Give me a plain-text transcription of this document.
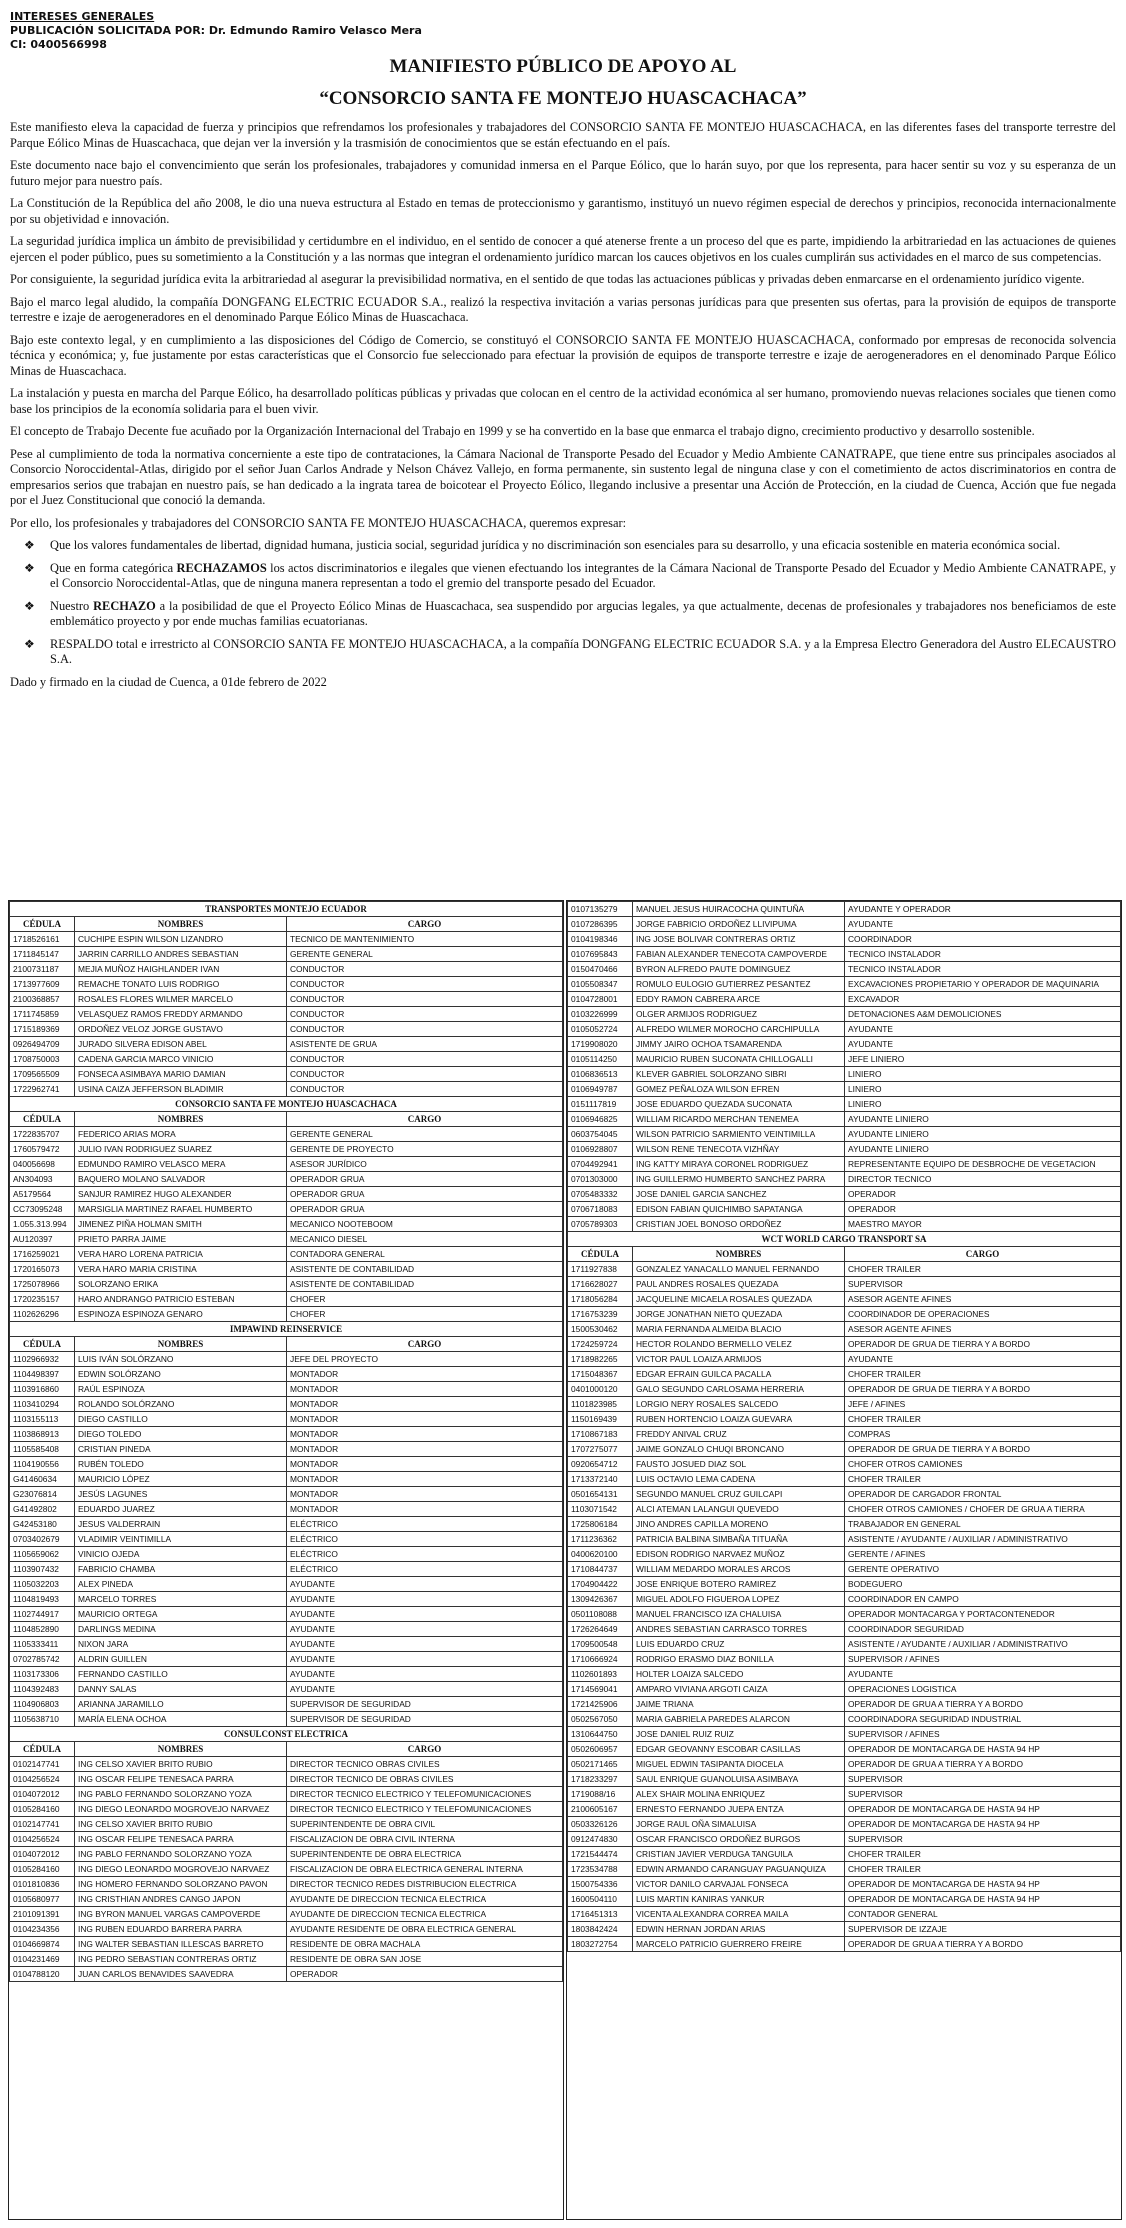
INTERESES GENERALES
PUBLICACIÓN SOLICITADA POR: Dr. Edmundo Ramiro Velasco Mera
CI: 0400566998
MANIFIESTO PÚBLICO DE APOYO AL
“CONSORCIO SANTA FE MONTEJO HUASCACHACA”

Este manifiesto eleva la capacidad de fuerza y principios que refrendamos los profesionales y trabajadores del CONSORCIO SANTA FE MONTEJO HUASCACHACA, en las diferentes fases del transporte terrestre del Parque Eólico Minas de Huascachaca, que dejan ver la inversión y la trasmisión de conocimientos que se están efectuando en el país.

Este documento nace bajo el convencimiento que serán los profesionales, trabajadores y comunidad inmersa en el Parque Eólico, que lo harán suyo, por que los representa, para hacer sentir su voz y su esperanza de un futuro mejor para nuestro país.

La Constitución de la República del año 2008, le dio una nueva estructura al Estado en temas de proteccionismo y garantismo, instituyó un nuevo régimen especial de derechos y principios, reconocida internacionalmente por su objetividad e innovación.

La seguridad jurídica implica un ámbito de previsibilidad y certidumbre en el individuo, en el sentido de conocer a qué atenerse frente a un proceso del que es parte, impidiendo la arbitrariedad en las actuaciones de quienes ejercen el poder público, pues su sometimiento a la Constitución y a las normas que integran el ordenamiento jurídico marcan los cauces objetivos en los cuales cumplirán sus actividades en el marco de sus competencias.

Por consiguiente, la seguridad jurídica evita la arbitrariedad al asegurar la previsibilidad normativa, en el sentido de que todas las actuaciones públicas y privadas deben enmarcarse en el ordenamiento jurídico vigente.

Bajo el marco legal aludido, la compañía DONGFANG ELECTRIC ECUADOR S.A., realizó la respectiva invitación a varias personas jurídicas para que presenten sus ofertas, para la provisión de equipos de transporte terrestre e izaje de aerogeneradores en el denominado Parque Eólico Minas de Huascachaca.

Bajo este contexto legal, y en cumplimiento a las disposiciones del Código de Comercio, se constituyó el CONSORCIO SANTA FE MONTEJO HUASCACHACA, conformado por empresas de reconocida solvencia técnica y económica; y, fue justamente por estas características que el Consorcio fue seleccionado para efectuar la provisión de equipos de transporte terrestre e izaje de aerogeneradores en el denominado Parque Eólico Minas de Huascachaca.

La instalación y puesta en marcha del Parque Eólico, ha desarrollado políticas públicas y privadas que colocan en el centro de la actividad económica al ser humano, promoviendo nuevas relaciones sociales que tienen como base los principios de la economía solidaria para el buen vivir.

El concepto de Trabajo Decente fue acuñado por la Organización Internacional del Trabajo en 1999 y se ha convertido en la base que enmarca el trabajo digno, crecimiento productivo y desarrollo sostenible.

Pese al cumplimiento de toda la normativa concerniente a este tipo de contrataciones, la Cámara Nacional de Transporte Pesado del Ecuador y Medio Ambiente CANATRAPE, que tiene entre sus principales asociados al Consorcio Noroccidental-Atlas, dirigido por el señor Juan Carlos Andrade y Nelson Chávez Vallejo, en forma permanente, sin sustento legal de ninguna clase y con el cometimiento de actos discriminatorios en contra de empresarios serios que trabajan en nuestro país, se han dedicado a la ingrata tarea de boicotear el Proyecto Eólico, llegando inclusive a presentar una Acción de Protección, en la ciudad de Cuenca, Acción que fue negada por el Juez Constitucional que conoció la demanda.

Por ello, los profesionales y trabajadores del CONSORCIO SANTA FE MONTEJO HUASCACHACA, queremos expresar:

❖ Que los valores fundamentales de libertad, dignidad humana, justicia social, seguridad jurídica y no discriminación son esenciales para su desarrollo, y una eficacia sostenible en materia económica social.

❖ Que en forma categórica RECHAZAMOS los actos discriminatorios e ilegales que vienen efectuando los integrantes de la Cámara Nacional de Transporte Pesado del Ecuador y Medio Ambiente CANATRAPE, y el Consorcio Noroccidental-Atlas, que de ninguna manera representan a todo el gremio del transporte pesado del Ecuador.

❖ Nuestro RECHAZO a la posibilidad de que el Proyecto Eólico Minas de Huascachaca, sea suspendido por argucias legales, ya que actualmente, decenas de profesionales y trabajadores nos beneficiamos de este emblemático proyecto y por ende muchas familias ecuatorianas.

❖ RESPALDO total e irrestricto al CONSORCIO SANTA FE MONTEJO HUASCACHACA, a la compañía DONGFANG ELECTRIC ECUADOR S.A. y a la Empresa Electro Generadora del Austro ELECAUSTRO S.A.

Dado y firmado en la ciudad de Cuenca, a 01de febrero de 2022

TRANSPORTES MONTEJO ECUADOR		
CÉDULA	NOMBRES	CARGO
1718526161	CUCHIPE ESPIN WILSON LIZANDRO	TECNICO DE MANTENIMIENTO
1711845147	JARRIN CARRILLO ANDRES SEBASTIAN	GERENTE GENERAL
2100731187	MEJIA MUÑOZ HAIGHLANDER IVAN	CONDUCTOR
1713977609	REMACHE TONATO LUIS RODRIGO	CONDUCTOR
2100368857	ROSALES FLORES WILMER MARCELO	CONDUCTOR
1711745859	VELASQUEZ RAMOS FREDDY ARMANDO	CONDUCTOR
1715189369	ORDOÑEZ VELOZ JORGE GUSTAVO	CONDUCTOR
0926494709	JURADO SILVERA EDISON ABEL	ASISTENTE DE GRUA
1708750003	CADENA GARCIA MARCO VINICIO	CONDUCTOR
1709565509	FONSECA ASIMBAYA MARIO DAMIAN	CONDUCTOR
1722962741	USINA CAIZA JEFFERSON BLADIMIR	CONDUCTOR
CONSORCIO SANTA FE MONTEJO HUASCACHACA		
CÉDULA	NOMBRES	CARGO
1722835707	FEDERICO ARIAS MORA	GERENTE GENERAL
1760579472	JULIO IVAN RODRIGUEZ SUAREZ	GERENTE DE PROYECTO
040056698	EDMUNDO RAMIRO VELASCO MERA	ASESOR JURÍDICO
AN304093	BAQUERO MOLANO SALVADOR	OPERADOR GRUA
A5179564	SANJUR RAMIREZ HUGO ALEXANDER	OPERADOR GRUA
CC73095248	MARSIGLIA MARTINEZ RAFAEL HUMBERTO	OPERADOR GRUA
1.055.313.994	JIMENEZ PIÑA HOLMAN SMITH	MECANICO NOOTEBOOM
AU120397	PRIETO PARRA JAIME	MECANICO DIESEL
1716259021	VERA HARO LORENA PATRICIA	CONTADORA GENERAL
1720165073	VERA HARO MARIA CRISTINA	ASISTENTE DE CONTABILIDAD
1725078966	SOLORZANO ERIKA	ASISTENTE DE CONTABILIDAD
1720235157	HARO ANDRANGO PATRICIO ESTEBAN	CHOFER
1102626296	ESPINOZA ESPINOZA GENARO	CHOFER
IMPAWIND REINSERVICE		
CÉDULA	NOMBRES	CARGO
1102966932	LUIS IVÁN SOLÓRZANO	JEFE DEL PROYECTO
1104498397	EDWIN SOLÓRZANO	MONTADOR
1103916860	RAÚL ESPINOZA	MONTADOR
1103410294	ROLANDO SOLÓRZANO	MONTADOR
1103155113	DIEGO CASTILLO	MONTADOR
1103868913	DIEGO TOLEDO	MONTADOR
1105585408	CRISTIAN PINEDA	MONTADOR
1104190556	RUBÉN TOLEDO	MONTADOR
G41460634	MAURICIO LÓPEZ	MONTADOR
G23076814	JESÚS LAGUNES	MONTADOR
G41492802	EDUARDO JUAREZ	MONTADOR
G42453180	JESUS VALDERRAIN	ELÉCTRICO
0703402679	VLADIMIR VEINTIMILLA	ELÉCTRICO
1105659062	VINICIO OJEDA	ELÉCTRICO
1103907432	FABRICIO CHAMBA	ELÉCTRICO
1105032203	ALEX PINEDA	AYUDANTE
1104819493	MARCELO TORRES	AYUDANTE
1102744917	MAURICIO ORTEGA	AYUDANTE
1104852890	DARLINGS MEDINA	AYUDANTE
1105333411	NIXON JARA	AYUDANTE
0702785742	ALDRIN GUILLEN	AYUDANTE
1103173306	FERNANDO CASTILLO	AYUDANTE
1104392483	DANNY SALAS	AYUDANTE
1104906803	ARIANNA JARAMILLO	SUPERVISOR DE SEGURIDAD
1105638710	MARÍA ELENA OCHOA	SUPERVISOR DE SEGURIDAD
CONSULCONST ELECTRICA		
CÉDULA	NOMBRES	CARGO
0102147741	ING CELSO XAVIER BRITO RUBIO	DIRECTOR TECNICO OBRAS CIVILES
0104256524	ING OSCAR FELIPE TENESACA PARRA	DIRECTOR TECNICO DE OBRAS CIVILES
0104072012	ING PABLO FERNANDO SOLORZANO YOZA	DIRECTOR TECNICO ELECTRICO Y TELEFOMUNICACIONES
0105284160	ING DIEGO LEONARDO MOGROVEJO NARVAEZ	DIRECTOR TECNICO ELECTRICO Y TELEFOMUNICACIONES
0102147741	ING CELSO XAVIER BRITO RUBIO	SUPERINTENDENTE DE OBRA CIVIL
0104256524	ING OSCAR FELIPE TENESACA PARRA	FISCALIZACION DE OBRA CIVIL INTERNA
0104072012	ING PABLO FERNANDO SOLORZANO YOZA	SUPERINTENDENTE DE OBRA ELECTRICA
0105284160	ING DIEGO LEONARDO MOGROVEJO NARVAEZ	FISCALIZACION DE OBRA ELECTRICA GENERAL INTERNA
0101810836	ING HOMERO FERNANDO SOLORZANO PAVON	DIRECTOR TECNICO REDES DISTRIBUCION ELECTRICA
0105680977	ING CRISTHIAN ANDRES CANGO JAPON	AYUDANTE DE DIRECCION TECNICA ELECTRICA
2101091391	ING BYRON MANUEL VARGAS CAMPOVERDE	AYUDANTE DE DIRECCION TECNICA ELECTRICA
0104234356	ING RUBEN EDUARDO BARRERA PARRA	AYUDANTE RESIDENTE DE OBRA ELECTRICA GENERAL
0104669874	ING WALTER SEBASTIAN ILLESCAS BARRETO	RESIDENTE DE OBRA MACHALA
0104231469	ING PEDRO SEBASTIAN CONTRERAS ORTIZ	RESIDENTE DE OBRA SAN JOSE
0104788120	JUAN CARLOS BENAVIDES SAAVEDRA	OPERADOR
0107135279	MANUEL JESUS HUIRACOCHA QUINTUÑA	AYUDANTE Y OPERADOR
0107286395	JORGE FABRICIO ORDOÑEZ LLIVIPUMA	AYUDANTE
0104198346	ING JOSE BOLIVAR CONTRERAS ORTIZ	COORDINADOR
0107695843	FABIAN ALEXANDER TENECOTA CAMPOVERDE	TECNICO INSTALADOR
0150470466	BYRON ALFREDO PAUTE DOMINGUEZ	TECNICO INSTALADOR
0105508347	ROMULO EULOGIO GUTIERREZ PESANTEZ	EXCAVACIONES PROPIETARIO Y OPERADOR DE MAQUINARIA
0104728001	EDDY RAMON CABRERA ARCE	EXCAVADOR
0103226999	OLGER ARMIJOS RODRIGUEZ	DETONACIONES A&M DEMOLICIONES
0105052724	ALFREDO WILMER MOROCHO CARCHIPULLA	AYUDANTE
1719908020	JIMMY JAIRO OCHOA TSAMARENDA	AYUDANTE
0105114250	MAURICIO RUBEN SUCONATA CHILLOGALLI	JEFE LINIERO
0106836513	KLEVER GABRIEL SOLORZANO SIBRI	LINIERO
0106949787	GOMEZ PEÑALOZA WILSON EFREN	LINIERO
0151117819	JOSE EDUARDO QUEZADA SUCONATA	LINIERO
0106946825	WILLIAM RICARDO MERCHAN TENEMEA	AYUDANTE LINIERO
0603754045	WILSON PATRICIO SARMIENTO VEINTIMILLA	AYUDANTE LINIERO
0106928807	WILSON RENE TENECOTA VIZHÑAY	AYUDANTE LINIERO
0704492941	ING KATTY MIRAYA CORONEL RODRIGUEZ	REPRESENTANTE EQUIPO DE DESBROCHE DE VEGETACION
0701303000	ING GUILLERMO HUMBERTO SANCHEZ PARRA	DIRECTOR TECNICO
0705483332	JOSE DANIEL GARCIA SANCHEZ	OPERADOR
0706718083	EDISON FABIAN QUICHIMBO SAPATANGA	OPERADOR
0705789303	CRISTIAN JOEL BONOSO ORDOÑEZ	MAESTRO MAYOR
WCT WORLD CARGO TRANSPORT SA		
CÉDULA	NOMBRES	CARGO
1711927838	GONZALEZ YANACALLO MANUEL FERNANDO	CHOFER TRAILER
1716628027	PAUL ANDRES ROSALES QUEZADA	SUPERVISOR
1718056284	JACQUELINE MICAELA ROSALES QUEZADA	ASESOR AGENTE AFINES
1716753239	JORGE JONATHAN NIETO QUEZADA	COORDINADOR DE OPERACIONES
1500530462	MARIA FERNANDA ALMEIDA BLACIO	ASESOR AGENTE AFINES
1724259724	HECTOR ROLANDO BERMELLO VELEZ	OPERADOR DE GRUA DE TIERRA Y A BORDO
1718982265	VICTOR PAUL LOAIZA ARMIJOS	AYUDANTE
1715048367	EDGAR EFRAIN GUILCA PACALLA	CHOFER TRAILER
0401000120	GALO SEGUNDO CARLOSAMA HERRERIA	OPERADOR DE GRUA DE TIERRA Y A BORDO
1101823985	LORGIO NERY ROSALES SALCEDO	JEFE / AFINES
1150169439	RUBEN HORTENCIO LOAIZA GUEVARA	CHOFER TRAILER
1710867183	FREDDY ANIVAL CRUZ	COMPRAS
1707275077	JAIME GONZALO CHUQI BRONCANO	OPERADOR DE GRUA DE TIERRA Y A BORDO
0920654712	FAUSTO JOSUED DIAZ SOL	CHOFER OTROS CAMIONES
1713372140	LUIS OCTAVIO LEMA CADENA	CHOFER TRAILER
0501654131	SEGUNDO MANUEL CRUZ GUILCAPI	OPERADOR DE CARGADOR FRONTAL
1103071542	ALCI ATEMAN LALANGUI QUEVEDO	CHOFER OTROS CAMIONES / CHOFER DE GRUA A TIERRA
1725806184	JINO ANDRES CAPILLA MORENO	TRABAJADOR EN GENERAL
1711236362	PATRICIA BALBINA SIMBAÑA TITUAÑA	ASISTENTE / AYUDANTE / AUXILIAR / ADMINISTRATIVO
0400620100	EDISON RODRIGO NARVAEZ MUÑOZ	GERENTE / AFINES
1710844737	WILLIAM MEDARDO MORALES ARCOS	GERENTE OPERATIVO
1704904422	JOSE ENRIQUE BOTERO RAMIREZ	BODEGUERO
1309426367	MIGUEL ADOLFO FIGUEROA LOPEZ	COORDINADOR EN CAMPO
0501108088	MANUEL FRANCISCO IZA CHALUISA	OPERADOR MONTACARGA Y PORTACONTENEDOR
1726264649	ANDRES SEBASTIAN CARRASCO TORRES	COORDINADOR SEGURIDAD
1709500548	LUIS EDUARDO CRUZ	ASISTENTE / AYUDANTE / AUXILIAR / ADMINISTRATIVO
1710666924	RODRIGO ERASMO DIAZ BONILLA	SUPERVISOR / AFINES
1102601893	HOLTER LOAIZA SALCEDO	AYUDANTE
1714569041	AMPARO VIVIANA ARGOTI CAIZA	OPERACIONES LOGISTICA
1721425906	JAIME TRIANA	OPERADOR DE GRUA A TIERRA Y A BORDO
0502567050	MARIA GABRIELA PAREDES ALARCON	COORDINADORA SEGURIDAD INDUSTRIAL
1310644750	JOSE DANIEL RUIZ RUIZ	SUPERVISOR / AFINES
0502606957	EDGAR GEOVANNY ESCOBAR CASILLAS	OPERADOR DE MONTACARGA DE HASTA 94 HP
0502171465	MIGUEL EDWIN TASIPANTA DIOCELA	OPERADOR DE GRUA A TIERRA Y A BORDO
1718233297	SAUL ENRIQUE GUANOLUISA ASIMBAYA	SUPERVISOR
1719088/16	ALEX SHAIR MOLINA ENRIQUEZ	SUPERVISOR
2100605167	ERNESTO FERNANDO JUEPA ENTZA	OPERADOR DE MONTACARGA DE HASTA 94 HP
0503326126	JORGE RAUL OÑA SIMALUISA	OPERADOR DE MONTACARGA DE HASTA 94 HP
0912474830	OSCAR FRANCISCO ORDOÑEZ BURGOS	SUPERVISOR
1721544474	CRISTIAN JAVIER VERDUGA TANGUILA	CHOFER TRAILER
1723534788	EDWIN ARMANDO CARANGUAY PAGUANQUIZA	CHOFER TRAILER
1500754336	VICTOR DANILO CARVAJAL FONSECA	OPERADOR DE MONTACARGA DE HASTA 94 HP
1600504110	LUIS MARTIN KANIRAS YANKUR	OPERADOR DE MONTACARGA DE HASTA 94 HP
1716451313	VICENTA ALEXANDRA CORREA MAILA	CONTADOR GENERAL
1803842424	EDWIN HERNAN JORDAN ARIAS	SUPERVISOR DE IZZAJE
1803272754	MARCELO PATRICIO GUERRERO FREIRE	OPERADOR DE GRUA A TIERRA Y A BORDO
